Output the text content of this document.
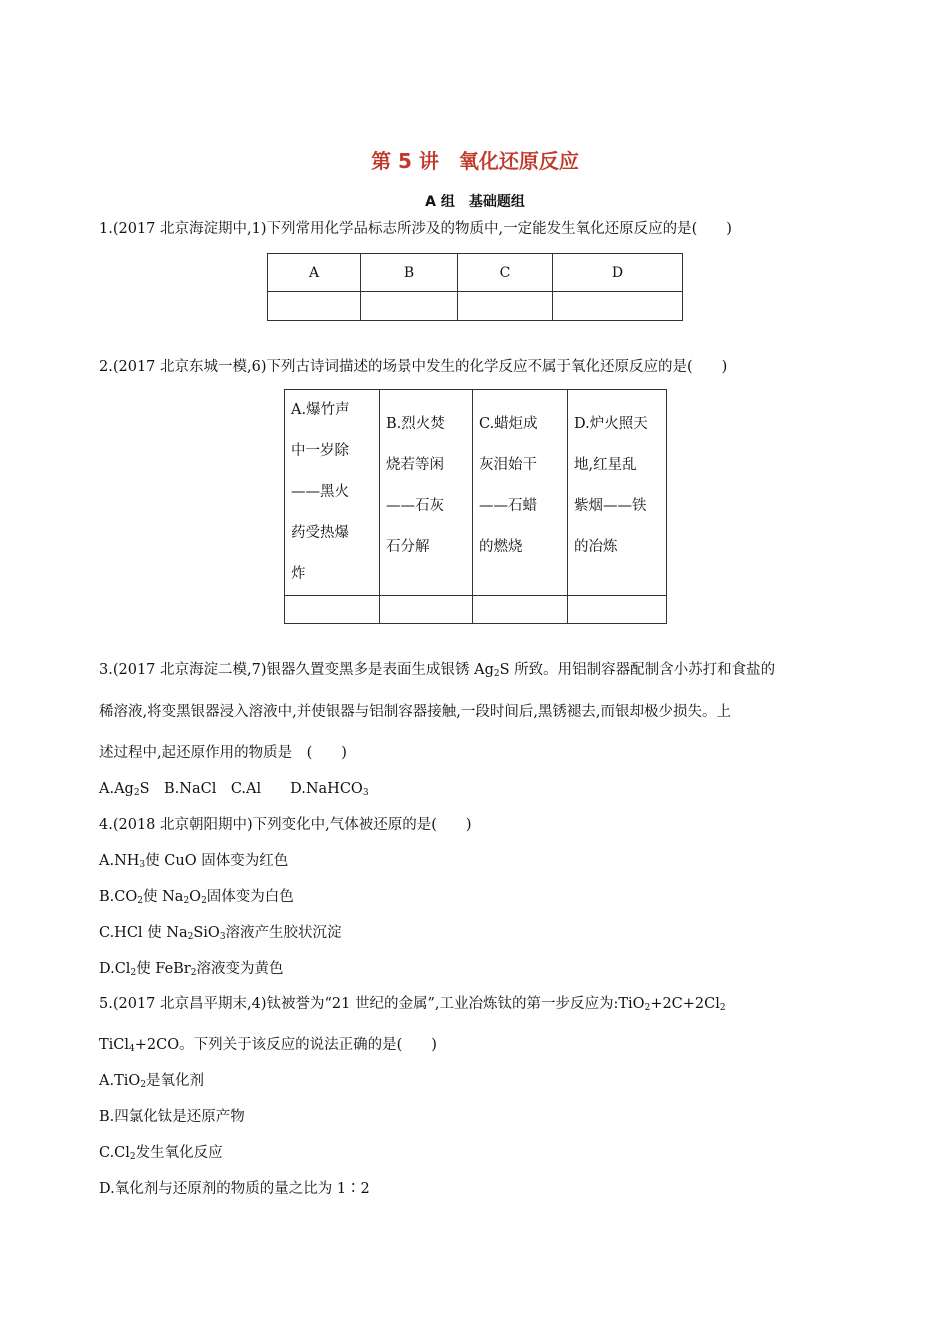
第 5 讲　氧化还原反应
A 组　基础题组
1.(2017 北京海淀期中,1)下列常用化学品标志所涉及的物质中,一定能发生氧化还原反应的是(　　)
A	B	C	D

2.(2017 北京东城一模,6)下列古诗词描述的场景中发生的化学反应不属于氧化还原反应的是(　　)
A.爆竹声
中一岁除
——黑火
药受热爆
炸	B.烈火焚
烧若等闲
——石灰
石分解	C.蜡炬成
灰泪始干
——石蜡
的燃烧	D.炉火照天
地,红星乱
紫烟——铁
的冶炼

3.(2017 北京海淀二模,7)银器久置变黑多是表面生成银锈 $Ag_2S$ 所致。用铝制容器配制含小苏打和食盐的
稀溶液,将变黑银器浸入溶液中,并使银器与铝制容器接触,一段时间后,黑锈褪去,而银却极少损失。上
述过程中,起还原作用的物质是　(　　)
$A.Ag_2S$　B.NaCl　C.Al　　D.NaHCO$_3$
4.(2018 北京朝阳期中)下列变化中,气体被还原的是(　　)
$A.NH_3$使 CuO 固体变为红色
$B.CO_2$使 $Na_2O_2$固体变为白色
C.HCl 使 $Na_2SiO_3$溶液产生胶状沉淀
$D.Cl_2$使 FeBr$_2$溶液变为黄色
5.(2017 北京昌平期末,4)钛被誉为“21 世纪的金属”,工业冶炼钛的第一步反应为$:TiO_2+2C+2Cl_2$
TiCl$_4$+2CO。下列关于该反应的说法正确的是(　　)
A.TiO$_2$是氧化剂
B.四氯化钛是还原产物
$C.Cl_2$发生氧化反应
D.氧化剂与还原剂的物质的量之比为 1∶2
